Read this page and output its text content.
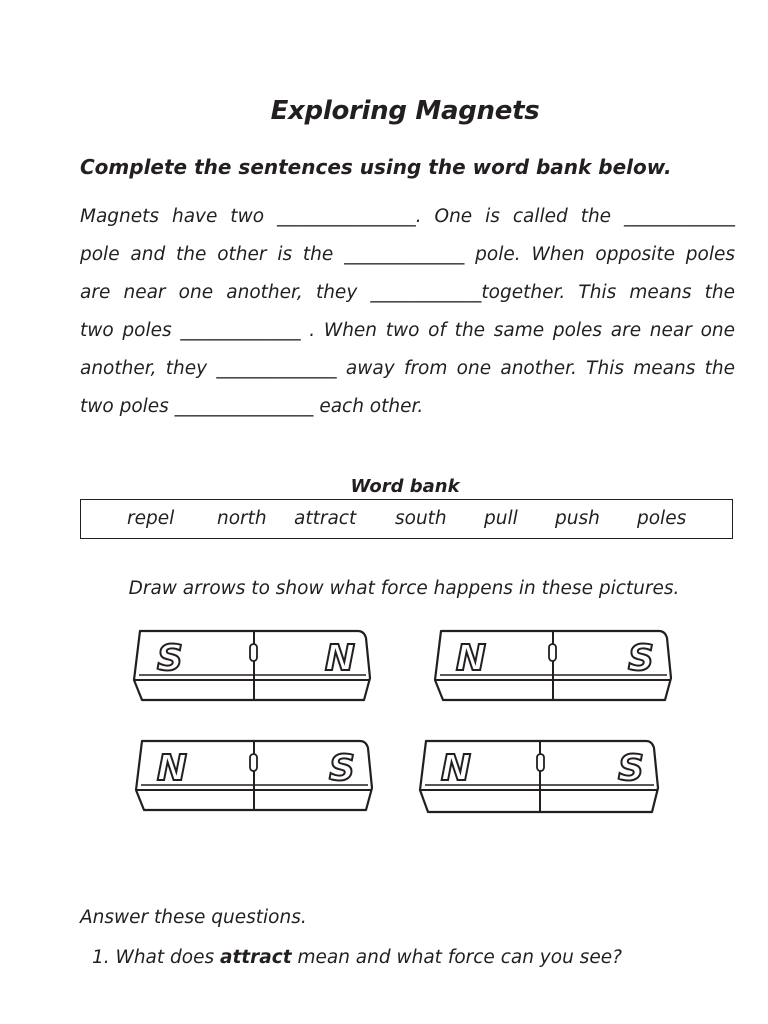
Exploring Magnets
Complete the sentences using the word bank below.
Magnets have two _______________. One is called the ____________
pole and the other is the _____________ pole. When opposite poles
are near one another, they ____________together. This means the
two poles _____________ . When two of the same poles are near one
another, they _____________ away from one another. This means the
two poles _______________ each other.
Word bank
repel north attract south pull push poles
Draw arrows to show what force happens in these pictures.
S	N	N	S
N	S N	S
Answer these questions.
1. What does attract mean and what force can you see?
